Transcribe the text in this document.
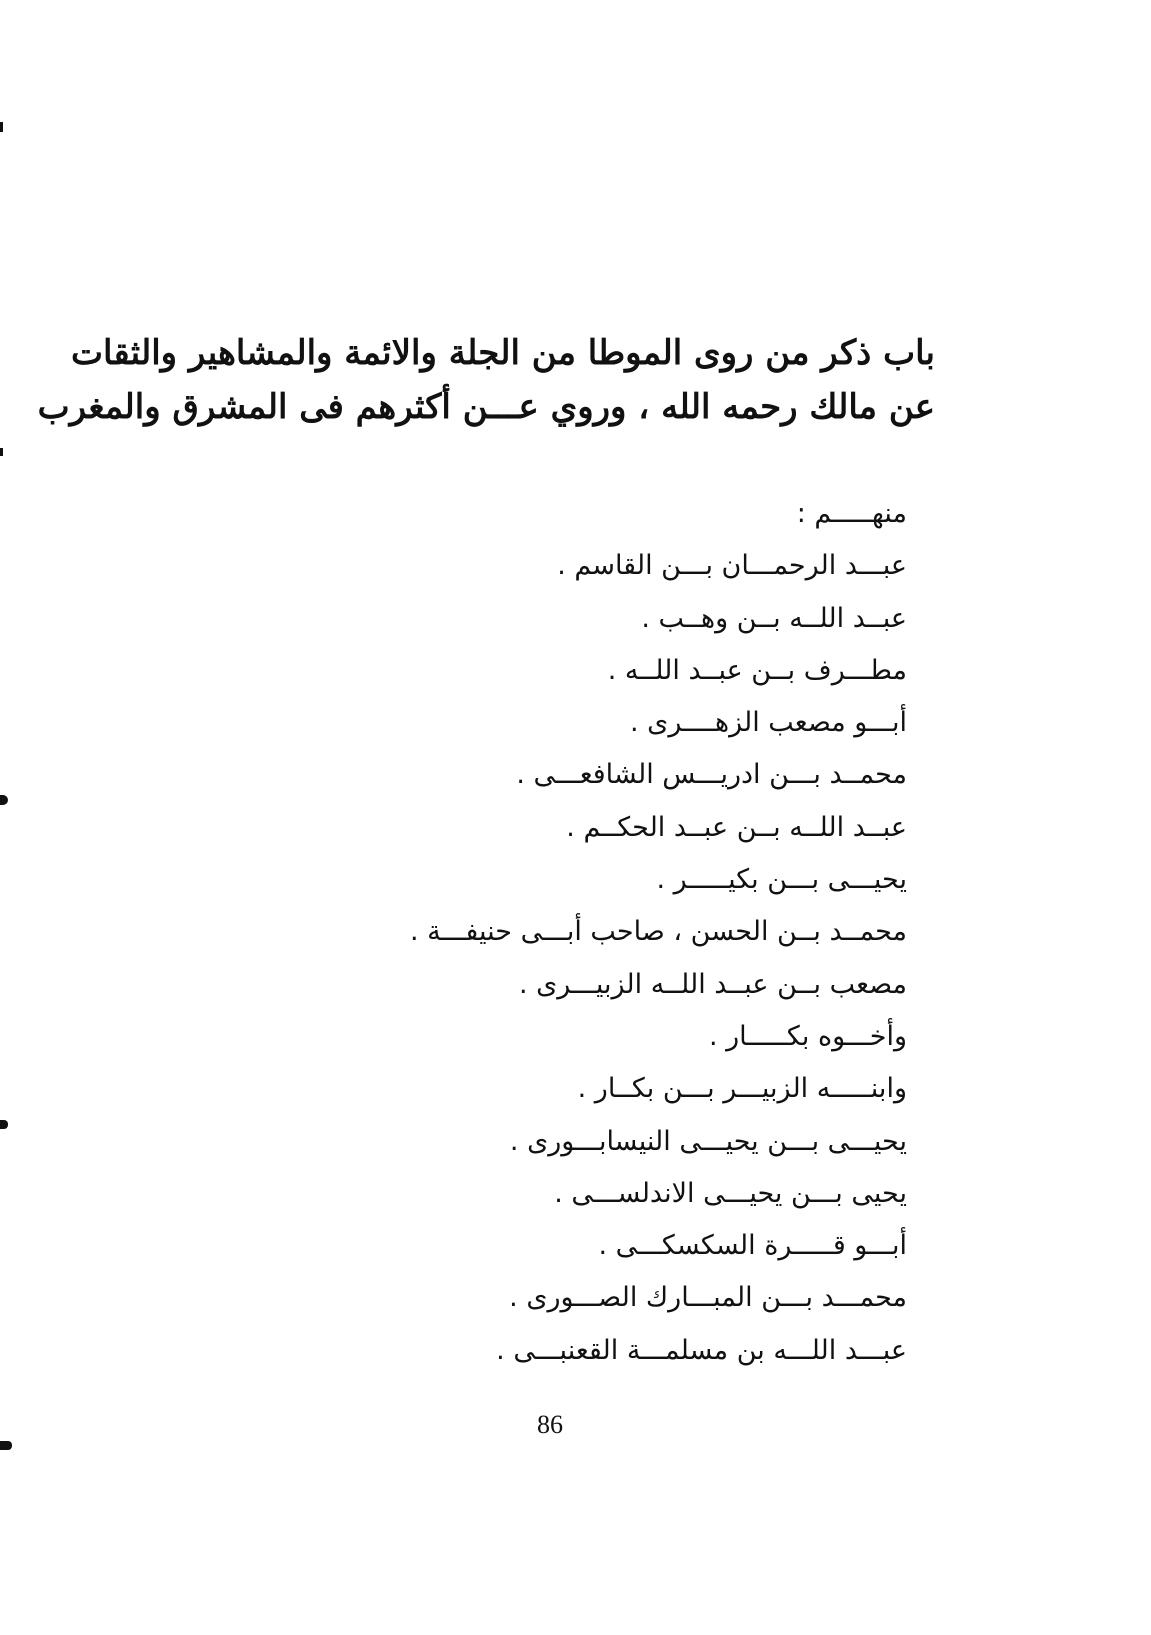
باب ذكر من روى الموطا من الجلة والائمة والمشاهير والثقات
عن مالك رحمه الله ، وروي عـــن أكثرهم فى المشرق والمغرب
منهـــــم :
عبـــد الرحمـــان بـــن القاسم .
عبــد اللــه بــن وهــب .
مطـــرف بــن عبــد اللــه .
أبـــو مصعب الزهــــرى .
محمــد بـــن ادريـــس الشافعـــى .
عبــد اللــه بــن عبــد الحكــم .
يحيـــى بـــن بكيـــــر .
محمــد بــن الحسن ، صاحب أبـــى حنيفـــة .
مصعب بــن عبــد اللــه الزبيـــرى .
وأخـــوه بكـــــار .
وابنـــــه الزبيـــر بـــن بكــار .
يحيـــى بـــن يحيـــى النيسابـــورى .
يحيى بـــن يحيـــى الاندلســـى .
أبـــو قـــــرة السكسكـــى .
محمـــد بـــن المبـــارك الصـــورى .
عبـــد اللـــه بن مسلمـــة القعنبـــى .
86
